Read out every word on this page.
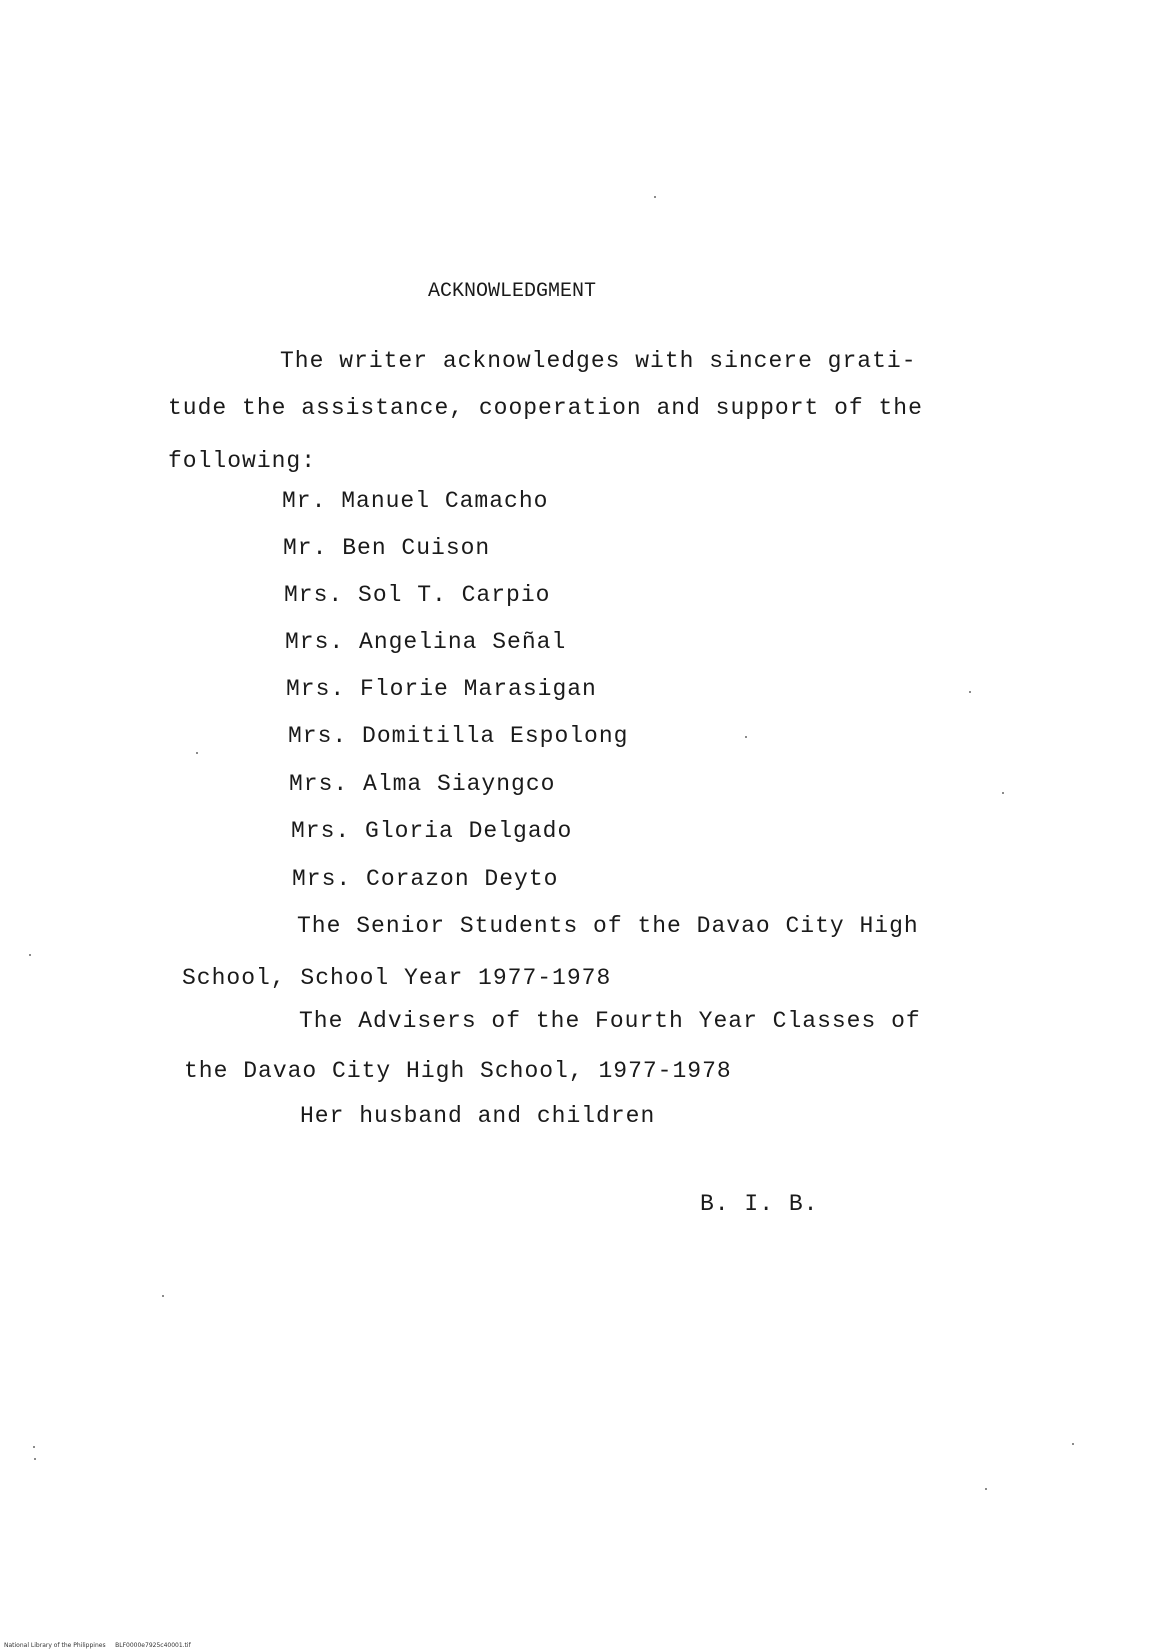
ACKNOWLEDGMENT
The writer acknowledges with sincere grati-
tude the assistance, cooperation and support of the
following:
Mr. Manuel Camacho
Mr. Ben Cuison
Mrs. Sol T. Carpio
Mrs. Angelina Señal
Mrs. Florie Marasigan
Mrs. Domitilla Espolong
Mrs. Alma Siayngco
Mrs. Gloria Delgado
Mrs. Corazon Deyto
The Senior Students of the Davao City High
School, School Year 1977-1978
The Advisers of the Fourth Year Classes of
the Davao City High School, 1977-1978
Her husband and children
B. I. B.
National Library of the Philippines BLF0000e7925c40001.tif
